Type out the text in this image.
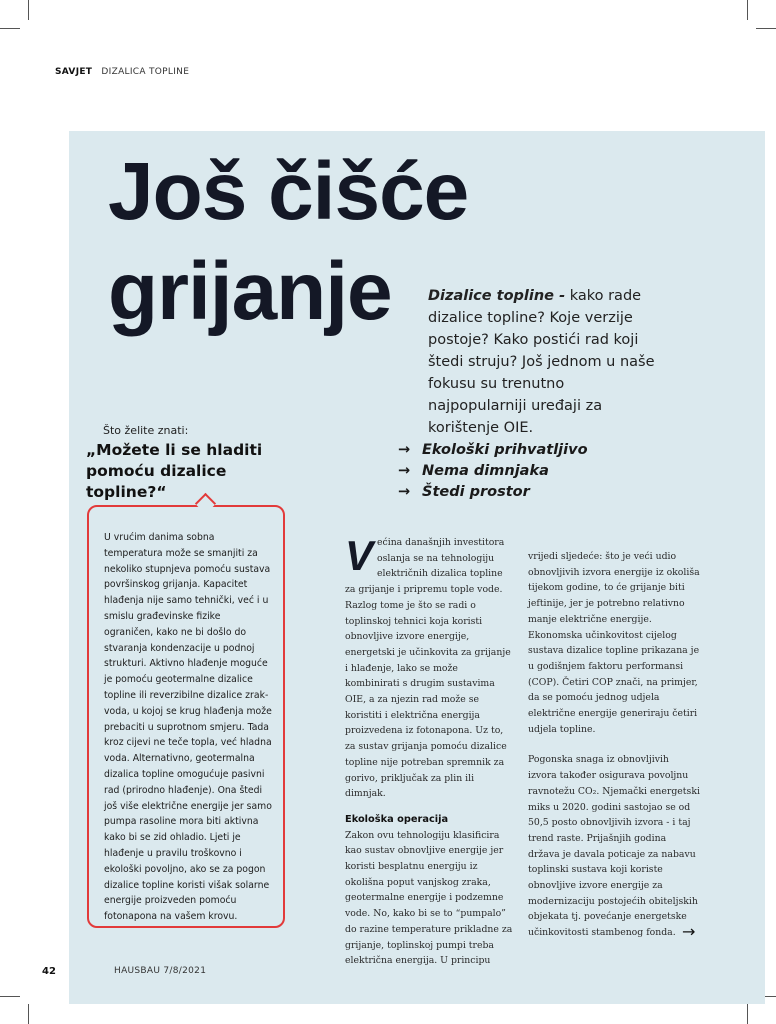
SAVJET DIZALICA TOPLINE
Još čišće
grijanje	Dizalice topline - kako rade dizalice topline? Koje verzije postoje? Kako postići rad koji štedi struju? Još jednom u naše fokusu su trenutno najpopularniji uređaji za korištenje OIE.
Što želite znati:
„Možete li se hladiti pomoću dizalice topline?“
→ Ekološki prihvatljivo
→ Nema dimnjaka
→ Štedi prostor

U vrućim danima sobna temperatura može se smanjiti za nekoliko stupnjeva pomoću sustava površinskog grijanja. Kapacitet hlađenja nije samo tehnički, već i u smislu građevinske fizike ograničen, kako ne bi došlo do stvaranja kondenzacije u podnoj strukturi. Aktivno hlađenje moguće je pomoću geotermalne dizalice topline ili reverzibilne dizalice zrak-voda, u kojoj se krug hlađenja može prebaciti u suprotnom smjeru. Tada kroz cijevi ne teče topla, već hladna voda. Alternativno, geotermalna dizalica topline omogućuje pasivni rad (prirodno hlađenje). Ona štedi još više električne energije jer samo pumpa rasoline mora biti aktivna kako bi se zid ohladio. Ljeti je hlađenje u pravilu troškovno i ekološki povoljno, ako se za pogon dizalice topline koristi višak solarne energije proizveden pomoću fotonapona na vašem krovu.

V ećina današnjih investitora oslanja se na tehnologiju električnih dizalica topline za grijanje i pripremu tople vode. Razlog tome je što se radi o toplinskoj tehnici koja koristi obnovljive izvore energije, energetski je učinkovita za grijanje i hlađenje, lako se može kombinirati s drugim sustavima OIE, a za njezin rad može se koristiti i električna energija proizvedena iz fotonapona. Uz to, za sustav grijanja pomoću dizalice topline nije potreban spremnik za gorivo, priključak za plin ili dimnjak.

Ekološka operacija

Zakon ovu tehnologiju klasificira kao sustav obnovljive energije jer koristi besplatnu energiju iz okolišna poput vanjskog zraka, geotermalne energije i podzemne vode. No, kako bi se to “pumpalo” do razine temperature prikladne za grijanje, toplinskoj pumpi treba električna energija. U principu

vrijedi sljedeće: što je veći udio obnovljivih izvora energije iz okoliša tijekom godine, to će grijanje biti jeftinije, jer je potrebno relativno manje električne energije. Ekonomska učinkovitost cijelog sustava dizalice topline prikazana je u godišnjem faktoru performansi (COP). Četiri COP znači, na primjer, da se pomoću jednog udjela električne energije generiraju četiri udjela topline.

Pogonska snaga iz obnovljivih izvora također osigurava povoljnu ravnotežu CO₂. Njemački energetski miks u 2020. godini sastojao se od 50,5 posto obnovljivih izvora - i taj trend raste. Prijašnjih godina država je davala poticaje za nabavu toplinski sustava koji koriste obnovljive izvore energije za modernizaciju postojećih obiteljskih objekata tj. povećanje energetske učinkovitosti stambenog fonda. →
42	HAUSBAU 7/8/2021
